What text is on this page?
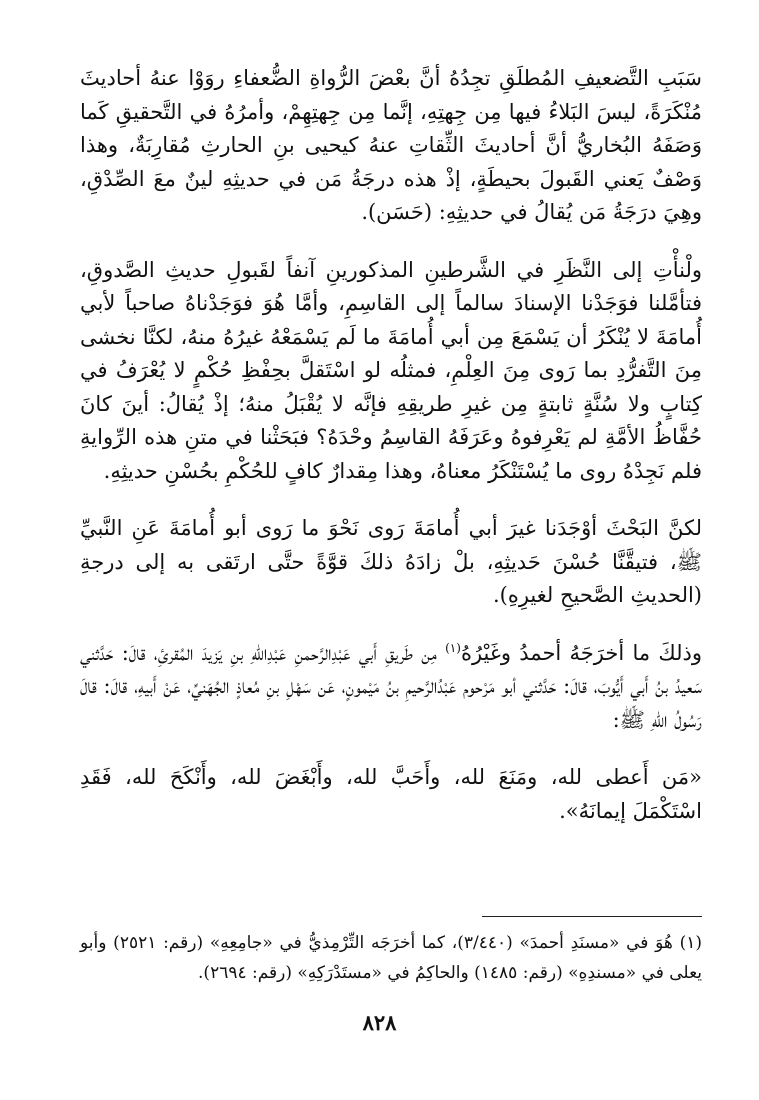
سَبَبِ التَّضعيفِ المُطلَقِ تجِدُهُ أنَّ بعْضَ الرُّواةِ الضُّعفاءِ روَوْا عنهُ أحاديثَ مُنْكَرَةً، ليسَ البَلاءُ فيها مِن جِهتِهِ، إنَّما مِن جِهتِهِمْ، وأمرُهُ في التَّحقيقِ كَما وَصَفَهُ البُخاريُّ أنَّ أحاديثَ الثِّقاتِ عنهُ كيحيى بنِ الحارثِ مُقارِبَةٌ، وهذا وَصْفٌ يَعني القَبولَ بحيطَةٍ، إذْ هذه درجَةُ مَن في حديثِهِ لينٌ معَ الصِّدْقِ، وهِيَ درَجَةُ مَن يُقالُ في حديثِهِ: (حَسَن).

ولْنأْتِ إلى النَّظَرِ في الشَّرطينِ المذكورينِ آنفاً لقَبولِ حديثِ الصَّدوقِ، فتأمَّلنا فوَجَدْنا الإسنادَ سالماً إلى القاسِمِ، وأمَّا هُوَ فوَجَدْناهُ صاحباً لأبي أُمامَةَ لا يُنْكَرُ أن يَسْمَعَ مِن أبي أُمامَةَ ما لَم يَسْمَعْهُ غيرُهُ منهُ، لكنَّا نخشى مِنَ التَّفرُّدِ بما رَوى مِنَ العِلْمِ، فمثلُه لو اسْتَقلَّ بحِفْظِ حُكْمٍ لا يُعْرَفُ في كِتابٍ ولا سُنَّةٍ ثابتةٍ مِن غيرِ طريقِهِ فإنَّه لا يُقْبَلُ منهُ؛ إذْ يُقالُ: أينَ كانَ حُفَّاظُ الأمَّةِ لم يَعْرِفوهُ وعَرَفَهُ القاسِمُ وحْدَهُ؟ فبَحَثْنا في متنِ هذه الرِّوايةِ فلم نَجِدْهُ روى ما يُسْتَنْكَرُ معناهُ، وهذا مِقدارٌ كافٍ للحُكْمِ بحُسْنِ حديثِهِ.

لكنَّ البَحْثَ أوْجَدَنا غيرَ أبي أُمامَةَ رَوى نَحْوَ ما رَوى أبو أُمامَةَ عَنِ النَّبيِّ ﷺ، فتيقَّنَّا حُسْنَ حَديثِهِ، بلْ زادَهُ ذلكَ قوَّةً حتَّى ارتَقى به إلى درجةِ (الحديثِ الصَّحيحِ لغيرِهِ).

وذلكَ ما أخرَجَهُ أحمدُ وغَيْرُهُ$^{(١)}$ مِن طَريقِ أَبي عَبْدِالرَّحمنِ عَبْدِاللهِ بنِ يَزيدَ المُقرئِ، قالَ: حَدَّثني سَعيدُ بنُ أَبي أَيُّوبَ، قالَ: حَدَّثني أبو مَرْحوم عَبْدُالرَّحيمِ بنُ مَيْمونٍ، عَن سَهْلِ بنِ مُعاذٍ الجُهَنيِّ، عَنْ أَبيهِ، قالَ: قالَ رَسُولُ اللهِ ﷺ:

«مَن أَعطى لله، ومَنَعَ لله، وأَحَبَّ لله، وأَبْغَضَ لله، وأَنْكَحَ لله، فَقَدِ اسْتَكْمَلَ إيمانَهُ».

(١) هُوَ في «مسنَدِ أحمدَ» (٣/٤٤٠)، كما أخرَجَه التِّرْمِذيُّ في «جامِعِهِ» (رقم: ٢٥٢١) وأبو يعلى في «مسندِهِ» (رقم: ١٤٨٥) والحاكِمُ في «مستَدْرَكِهِ» (رقم: ٢٦٩٤).

٨٢٨
